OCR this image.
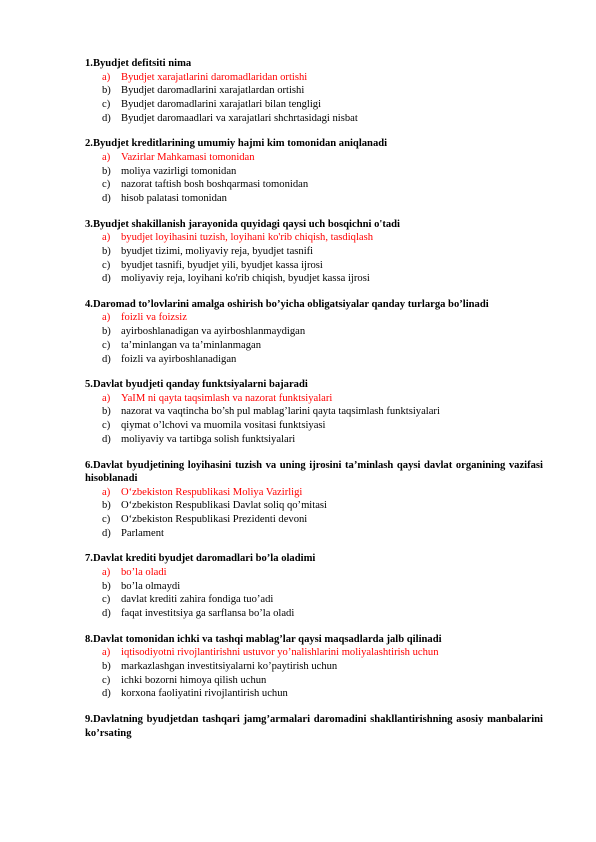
1.Byudjet defitsiti nima

a)	Byudjet xarajatlarini daromadlaridan ortishi
b) Byudjet daromadlarini xarajatlardan ortishi
c)	Byudjet daromadlarini xarajatlari bilan tengligi
d) Byudjet daromaadlari va xarajatlari shchrtasidagi nisbat

2.Byudjet kreditlarining umumiy hajmi kim tomonidan aniqlanadi

a)	Vazirlar Mahkamasi tomonidan
b) moliya vazirligi tomonidan
c)	nazorat taftish bosh boshqarmasi tomonidan
d) hisob palatasi tomonidan

3.Byudjet shakillanish jarayonida quyidagi qaysi uch bosqichni o'tadi

a)	byudjet loyihasini tuzish, loyihani ko'rib chiqish, tasdiqlash
b) byudjet tizimi, moliyaviy reja, byudjet tasnifi
c)	byudjet tasnifi, byudjet yili, byudjet kassa ijrosi
d) moliyaviy reja, loyihani ko'rib chiqish, byudjet kassa ijrosi

4.Daromad to’lovlarini amalga oshirish bo’yicha obligatsiyalar qanday turlarga bo’linadi

a)	foizli va foizsiz
b) ayirboshlanadigan va ayirboshlanmaydigan
c)	ta’minlangan va ta’minlanmagan
d) foizli va ayirboshlanadigan

5.Davlat byudjeti qanday funktsiyalarni bajaradi

a)	YaIM ni qayta taqsimlash va nazorat funktsiyalari
b) nazorat va vaqtincha bo’sh pul mablag’larini qayta taqsimlash funktsiyalari
c)	qiymat o’lchovi va muomila vositasi funktsiyasi
d) moliyaviy va tartibga solish funktsiyalari

6.Davlat byudjetining loyihasini tuzish va uning ijrosini ta’minlash qaysi davlat organining vazifasi hisoblanadi

a)	O‘zbekiston Respublikasi Moliya Vazirligi
b) O‘zbekiston Respublikasi Davlat soliq qo’mitasi
c)	O‘zbekiston Respublikasi Prezidenti devoni
d) Parlament

7.Davlat krediti byudjet daromadlari bo’la oladimi

a)	bo’la oladi
b) bo’la olmaydi
c)	davlat krediti zahira fondiga tuo’adi
d) faqat investitsiya ga sarflansa bo’la oladi

8.Davlat tomonidan ichki va tashqi mablag’lar qaysi maqsadlarda jalb qilinadi

a)	iqtisodiyotni rivojlantirishni ustuvor yo’nalishlarini moliyalashtirish uchun
b) markazlashgan investitsiyalarni ko’paytirish uchun
c)	ichki bozorni himoya qilish uchun
d) korxona faoliyatini rivojlantirish uchun

9.Davlatning byudjetdan tashqari jamg’armalari daromadini shakllantirishning asosiy manbalarini ko’rsating
